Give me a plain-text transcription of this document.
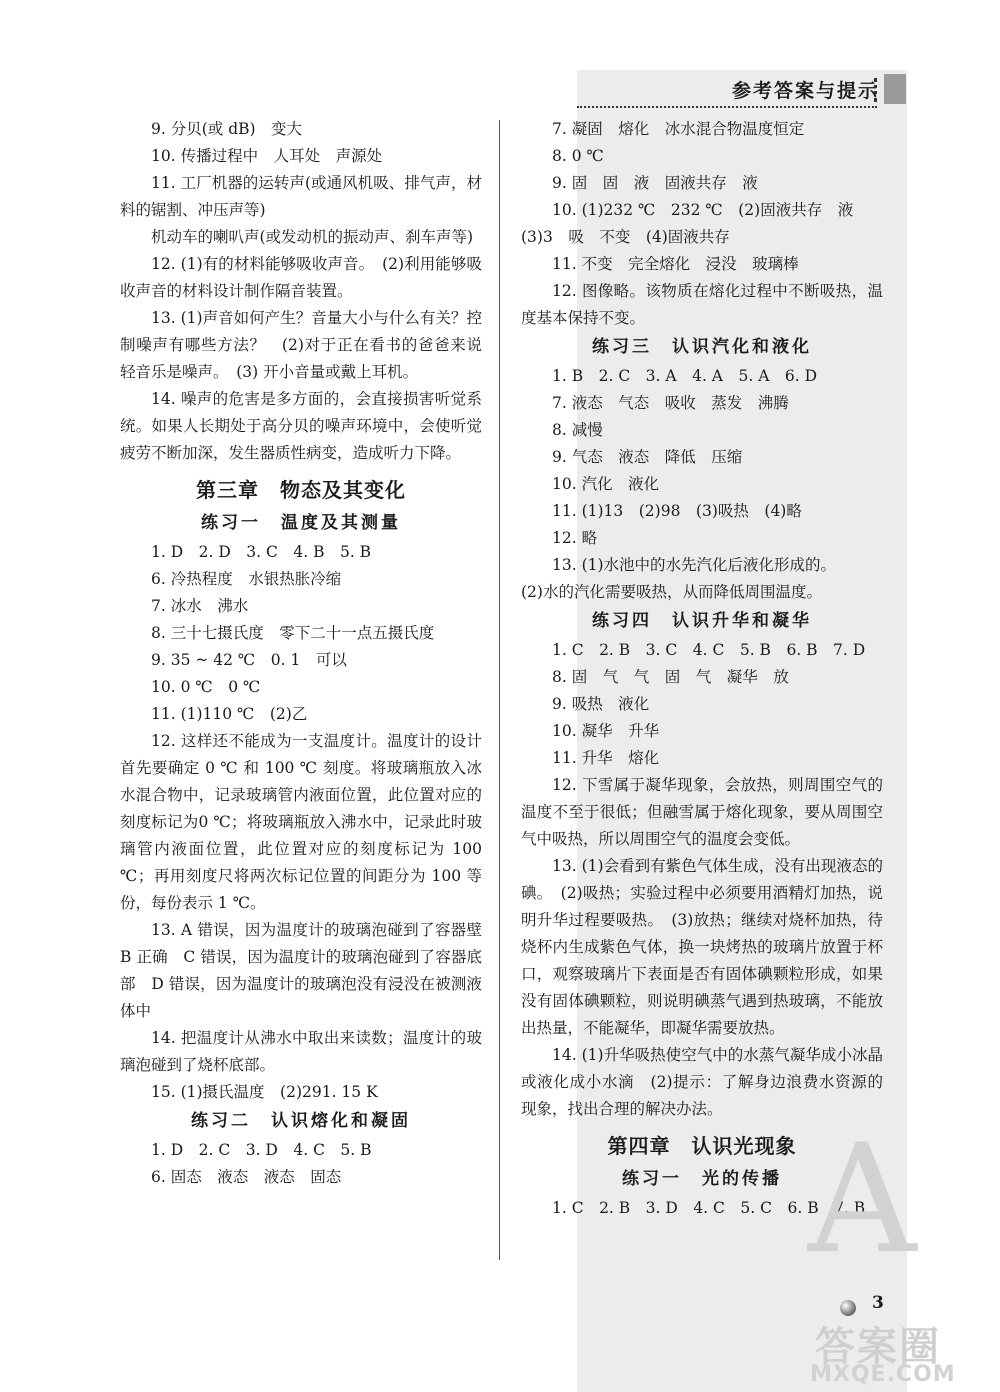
参考答案与提示

9. 分贝(或 dB)　变大

10. 传播过程中　人耳处　声源处

11. 工厂机器的运转声(或通风机吸、排气声，材料的锯割、冲压声等)

机动车的喇叭声(或发动机的振动声、刹车声等)

12. (1)有的材料能够吸收声音。　(2)利用能够吸收声音的材料设计制作隔音装置。

13. (1)声音如何产生？音量大小与什么有关？控制噪声有哪些方法？　(2)对于正在看书的爸爸来说轻音乐是噪声。　(3) 开小音量或戴上耳机。

14. 噪声的危害是多方面的，会直接损害听觉系统。如果人长期处于高分贝的噪声环境中，会使听觉疲劳不断加深，发生器质性病变，造成听力下降。

第三章　物态及其变化
练习一　温度及其测量

1. D　2. D　3. C　4. B　5. B

6. 冷热程度　水银热胀冷缩

7. 冰水　沸水

8. 三十七摄氏度　零下二十一点五摄氏度

9. 35 ~ 42 ℃　0. 1　可以

10. 0 ℃　0 ℃

11. (1)110 ℃　(2)乙

12. 这样还不能成为一支温度计。温度计的设计首先要确定 0 ℃ 和 100 ℃ 刻度。将玻璃瓶放入冰水混合物中，记录玻璃管内液面位置，此位置对应的刻度标记为0 ℃；将玻璃瓶放入沸水中，记录此时玻璃管内液面位置，此位置对应的刻度标记为 100 ℃；再用刻度尺将两次标记位置的间距分为 100 等份，每份表示 1 ℃。

13. A 错误，因为温度计的玻璃泡碰到了容器壁　B 正确　C 错误，因为温度计的玻璃泡碰到了容器底部　D 错误，因为温度计的玻璃泡没有浸没在被测液体中

14. 把温度计从沸水中取出来读数；温度计的玻璃泡碰到了烧杯底部。

15. (1)摄氏温度　(2)291. 15 K

练习二　认识熔化和凝固

1. D　2. C　3. D　4. C　5. B

6. 固态　液态　液态　固态

7. 凝固　熔化　冰水混合物温度恒定

8. 0 ℃

9. 固　固　液　固液共存　液

10. (1)232 ℃　232 ℃　(2)固液共存　液

(3)3　吸　不变　(4)固液共存

11. 不变　完全熔化　浸没　玻璃棒

12. 图像略。该物质在熔化过程中不断吸热，温度基本保持不变。

练习三　认识汽化和液化

1. B　2. C　3. A　4. A　5. A　6. D

7. 液态　气态　吸收　蒸发　沸腾

8. 减慢

9. 气态　液态　降低　压缩

10. 汽化　液化

11. (1)13　(2)98　(3)吸热　(4)略

12. 略

13. (1)水池中的水先汽化后液化形成的。

(2)水的汽化需要吸热，从而降低周围温度。

练习四　认识升华和凝华

1. C　2. B　3. C　4. C　5. B　6. B　7. D

8. 固　气　气　固　气　凝华　放

9. 吸热　液化

10. 凝华　升华

11. 升华　熔化

12. 下雪属于凝华现象，会放热，则周围空气的温度不至于很低；但融雪属于熔化现象，要从周围空气中吸热，所以周围空气的温度会变低。

13. (1)会看到有紫色气体生成，没有出现液态的碘。　(2)吸热；实验过程中必须要用酒精灯加热，说明升华过程要吸热。　(3)放热；继续对烧杯加热，待烧杯内生成紫色气体，换一块烤热的玻璃片放置于杯口，观察玻璃片下表面是否有固体碘颗粒形成，如果没有固体碘颗粒，则说明碘蒸气遇到热玻璃，不能放出热量，不能凝华，即凝华需要放热。

14. (1)升华吸热使空气中的水蒸气凝华成小冰晶或液化成小水滴　(2)提示：了解身边浪费水资源的现象，找出合理的解决办法。

第四章　认识光现象
练习一　光的传播

1. C　2. B　3. D　4. C　5. C　6. B　7. B

A
3
答案圈
MXQE.COM
